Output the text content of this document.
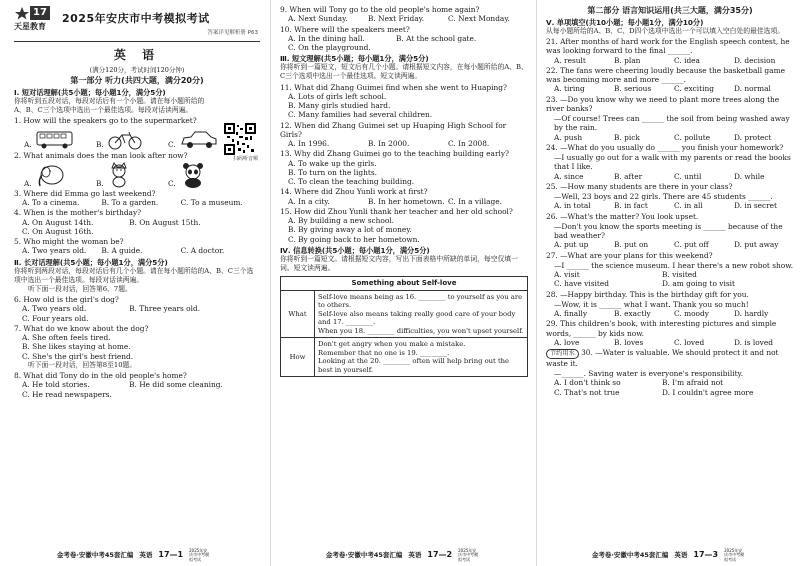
天星教育
17 2025年安庆市中考模拟考试
答案详见解析册 P63
英 语
(满分120分，考试时间120分钟)
第一部分 听力(共四大题，满分20分)
Ⅰ. 短对话理解(共5小题；每小题1分，满分5分)
你将听到五段对话，每段对话后有一个小题。请在每小题所给的A、B、C三个选项中选出一个最佳选项。每段对话读两遍。
扫码听音频
1. How will the speakers go to the supermarket?
A.	B.	C.
2. What animals does the man look after now?
A.	B.	C.
3. Where did Emma go last weekend?
A. To a cinema.	B. To a garden.	C. To a museum.
4. When is the mother's birthday?
A. On August 14th.	B. On August 15th.
C. On August 16th.
5. Who might the woman be?
A. Two years old.	B. A guide.	C. A doctor.
Ⅱ. 长对话理解(共5小题；每小题1分，满分5分)
你将听到两段对话，每段对话后有几个小题。请在每小题所给的A、B、C三个选项中选出一个最佳选项。每段对话读两遍。
听下面一段对话，回答第6、7题。
6. How old is the girl's dog?
A. Two years old.	B. Three years old.
C. Four years old.
7. What do we know about the dog?
A. She often feels tired.
B. She likes staying at home.
C. She's the girl's best friend.
听下面一段对话，回答第8至10题。
8. What did Tony do in the old people's home?
A. He told stories.	B. He did some cleaning.
C. He read newspapers.
金考卷·安徽中考45套汇编 英语 17—1
2025年安庆市中考模拟考试
9. When will Tony go to the old people's home again?
A. Next Sunday.	B. Next Friday.	C. Next Monday.
10. Where will the speakers meet?
A. In the dining hall.	B. At the school gate.
C. On the playground.
Ⅲ. 短文理解(共5小题；每小题1分，满分5分)
你将听到一篇短文，短文后有几个小题。请根据短文内容，在每小题所给的A、B、C三个选项中选出一个最佳选项。短文读两遍。
11. What did Zhang Guimei find when she went to Huaping?
A. Lots of girls left school.
B. Many girls studied hard.
C. Many families had several children.
12. When did Zhang Guimei set up Huaping High School for Girls?
A. In 1996.	B. In 2000.	C. In 2008.
13. Why did Zhang Guimei go to the teaching building early?
A. To wake up the girls.
B. To turn on the lights.
C. To clean the teaching building.
14. Where did Zhou Yunli work at first?
A. In a city.	B. In her hometown. C. In a village.
15. How did Zhou Yunli thank her teacher and her old school?
A. By building a new school.
B. By giving away a lot of money.
C. By going back to her hometown.
Ⅳ. 信息转换(共5小题；每小题1分，满分5分)
你将听到一篇短文。请根据短文内容，写出下面表格中所缺的单词，每空仅填一词。短文读两遍。
Something about Self-love	
What	Self-love means being as 16. ________ to yourself as you are to others.
Self-love also means taking really good care of your body and 17. ________.
When you 18. ________ difficulties, you won't upset yourself.

How	Don't get angry when you make a mistake.
Remember that no one is 19. ________.
Looking at the 20. ________ often will help bring out the best in yourself.
金考卷·安徽中考45套汇编 英语 17—2
2025年安庆市中考模拟考试
第二部分 语言知识运用(共三大题，满分35分)
Ⅴ. 单项填空(共10小题；每小题1分，满分10分)
从每小题所给的A、B、C、D四个选项中选出一个可以填入空白处的最佳选项。
21. After months of hard work for the English speech contest, he was looking forward to the final ______.
A. result	B. plan	C. idea	D. decision
22. The fans were cheering loudly because the basketball game was becoming more and more ______.
A. tiring	B. serious	C. exciting	D. normal
23. —Do you know why we need to plant more trees along the river banks?
—Of course! Trees can ______ the soil from being washed away by the rain.
A. push	B. pick	C. pollute	D. protect
24. —What do you usually do ______ you finish your homework?
—I usually go out for a walk with my parents or read the books that I like.
A. since	B. after	C. until	D. while
25. —How many students are there in your class?
—Well, 23 boys and 22 girls. There are 45 students ______.
A. in total	B. in fact	C. in all	D. in secret
26. —What's the matter? You look upset.
—Don't you know the sports meeting is ______ because of the bad weather?
A. put up	B. put on	C. put off	D. put away
27. —What are your plans for this weekend?
—I ______ the science museum. I hear there's a new robot show.
A. visit	B. visited
C. have visited	D. am going to visit
28. —Happy birthday. This is the birthday gift for you.
—Wow, it is ______ what I want. Thank you so much!
A. finally	B. exactly	C. moody	D. hardly
29. This children's book, with interesting pictures and simple words, ______ by kids now.
A. love	B. loves	C. loved	D. is loved
节约用水 30. —Water is valuable. We should protect it and not waste it.
—______. Saving water is everyone's responsibility.
A. I don't think so	B. I'm afraid not
C. That's not true	D. I couldn't agree more
金考卷·安徽中考45套汇编 英语 17—3
2025年安庆市中考模拟考试
